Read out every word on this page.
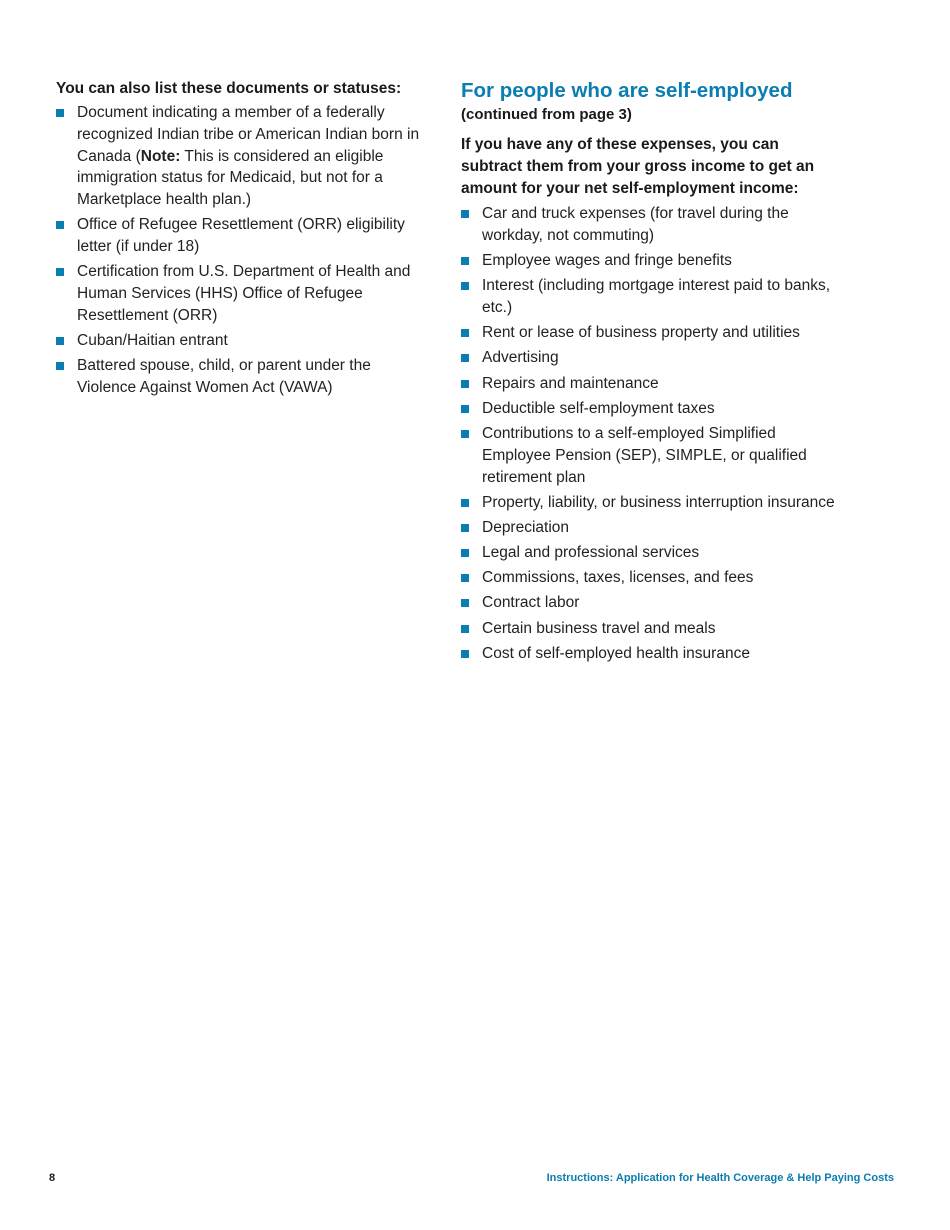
You can also list these documents or statuses:

Document indicating a member of a federally recognized Indian tribe or American Indian born in Canada (Note: This is considered an eligible immigration status for Medicaid, but not for a Marketplace health plan.)
Office of Refugee Resettlement (ORR) eligibility letter (if under 18)
Certification from U.S. Department of Health and Human Services (HHS) Office of Refugee Resettlement (ORR)
Cuban/Haitian entrant
Battered spouse, child, or parent under the Violence Against Women Act (VAWA)
For people who are self-employed

(continued from page 3)

If you have any of these expenses, you can subtract them from your gross income to get an amount for your net self-employment income:

Car and truck expenses (for travel during the workday, not commuting)
Employee wages and fringe benefits
Interest (including mortgage interest paid to banks, etc.)
Rent or lease of business property and utilities
Advertising
Repairs and maintenance
Deductible self-employment taxes
Contributions to a self-employed Simplified Employee Pension (SEP), SIMPLE, or qualified retirement plan
Property, liability, or business interruption insurance
Depreciation
Legal and professional services
Commissions, taxes, licenses, and fees
Contract labor
Certain business travel and meals
Cost of self-employed health insurance
8	Instructions: Application for Health Coverage & Help Paying Costs
